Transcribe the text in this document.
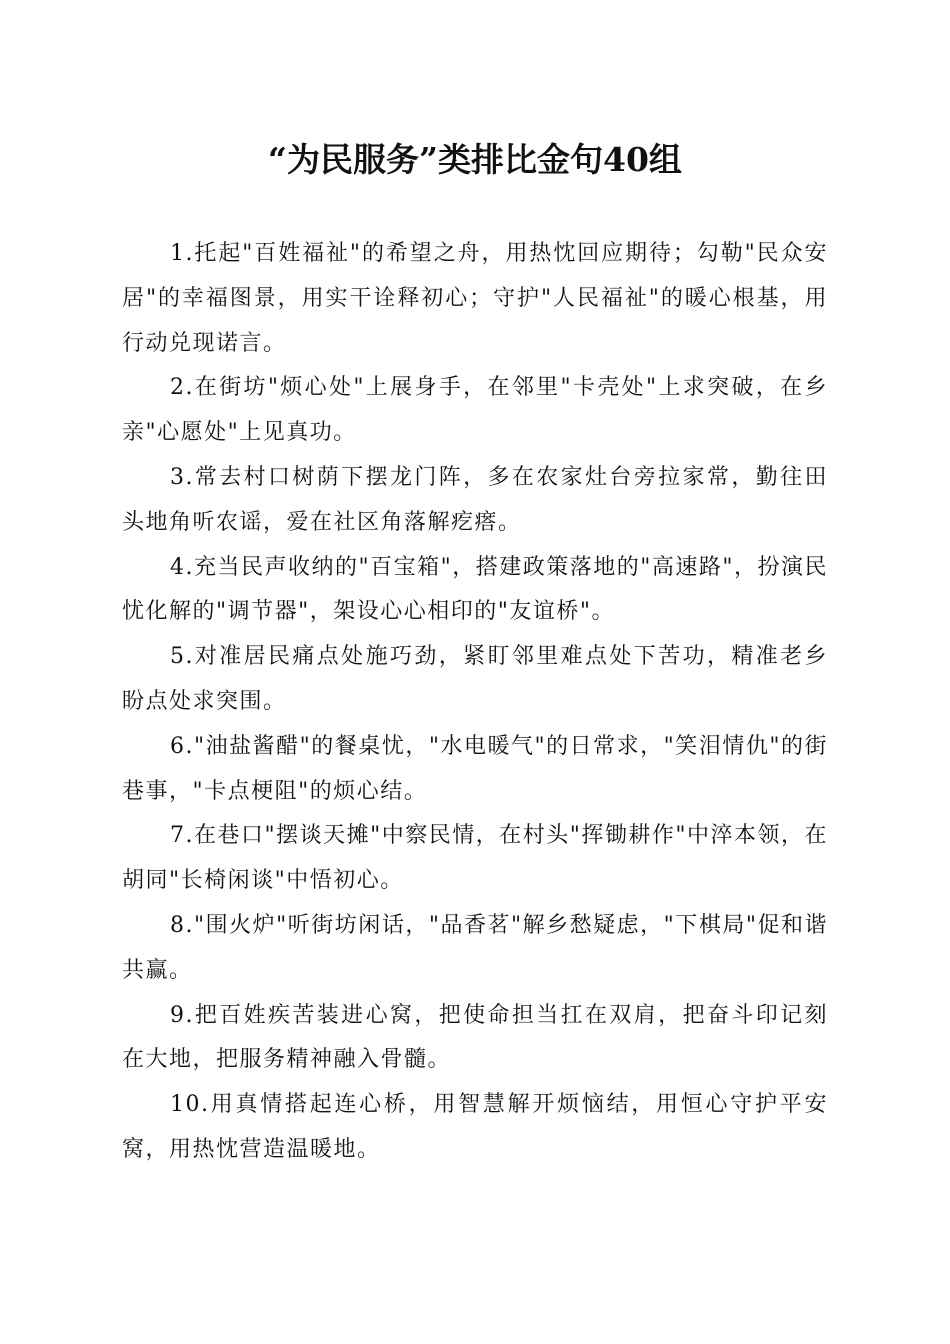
“为民服务”类排比金句40组

1.托起"百姓福祉"的希望之舟，用热忱回应期待；勾勒"民众安居"的幸福图景，用实干诠释初心；守护"人民福祉"的暖心根基，用行动兑现诺言。

2.在街坊"烦心处"上展身手，在邻里"卡壳处"上求突破，在乡亲"心愿处"上见真功。

3.常去村口树荫下摆龙门阵，多在农家灶台旁拉家常，勤往田头地角听农谣，爱在社区角落解疙瘩。

4.充当民声收纳的"百宝箱"，搭建政策落地的"高速路"，扮演民忧化解的"调节器"，架设心心相印的"友谊桥"。

5.对准居民痛点处施巧劲，紧盯邻里难点处下苦功，精准老乡盼点处求突围。

6."油盐酱醋"的餐桌忧，"水电暖气"的日常求，"笑泪情仇"的街巷事，"卡点梗阻"的烦心结。

7.在巷口"摆谈天摊"中察民情，在村头"挥锄耕作"中淬本领，在胡同"长椅闲谈"中悟初心。

8."围火炉"听街坊闲话，"品香茗"解乡愁疑虑，"下棋局"促和谐共赢。

9.把百姓疾苦装进心窝，把使命担当扛在双肩，把奋斗印记刻在大地，把服务精神融入骨髓。

10.用真情搭起连心桥，用智慧解开烦恼结，用恒心守护平安窝，用热忱营造温暖地。
